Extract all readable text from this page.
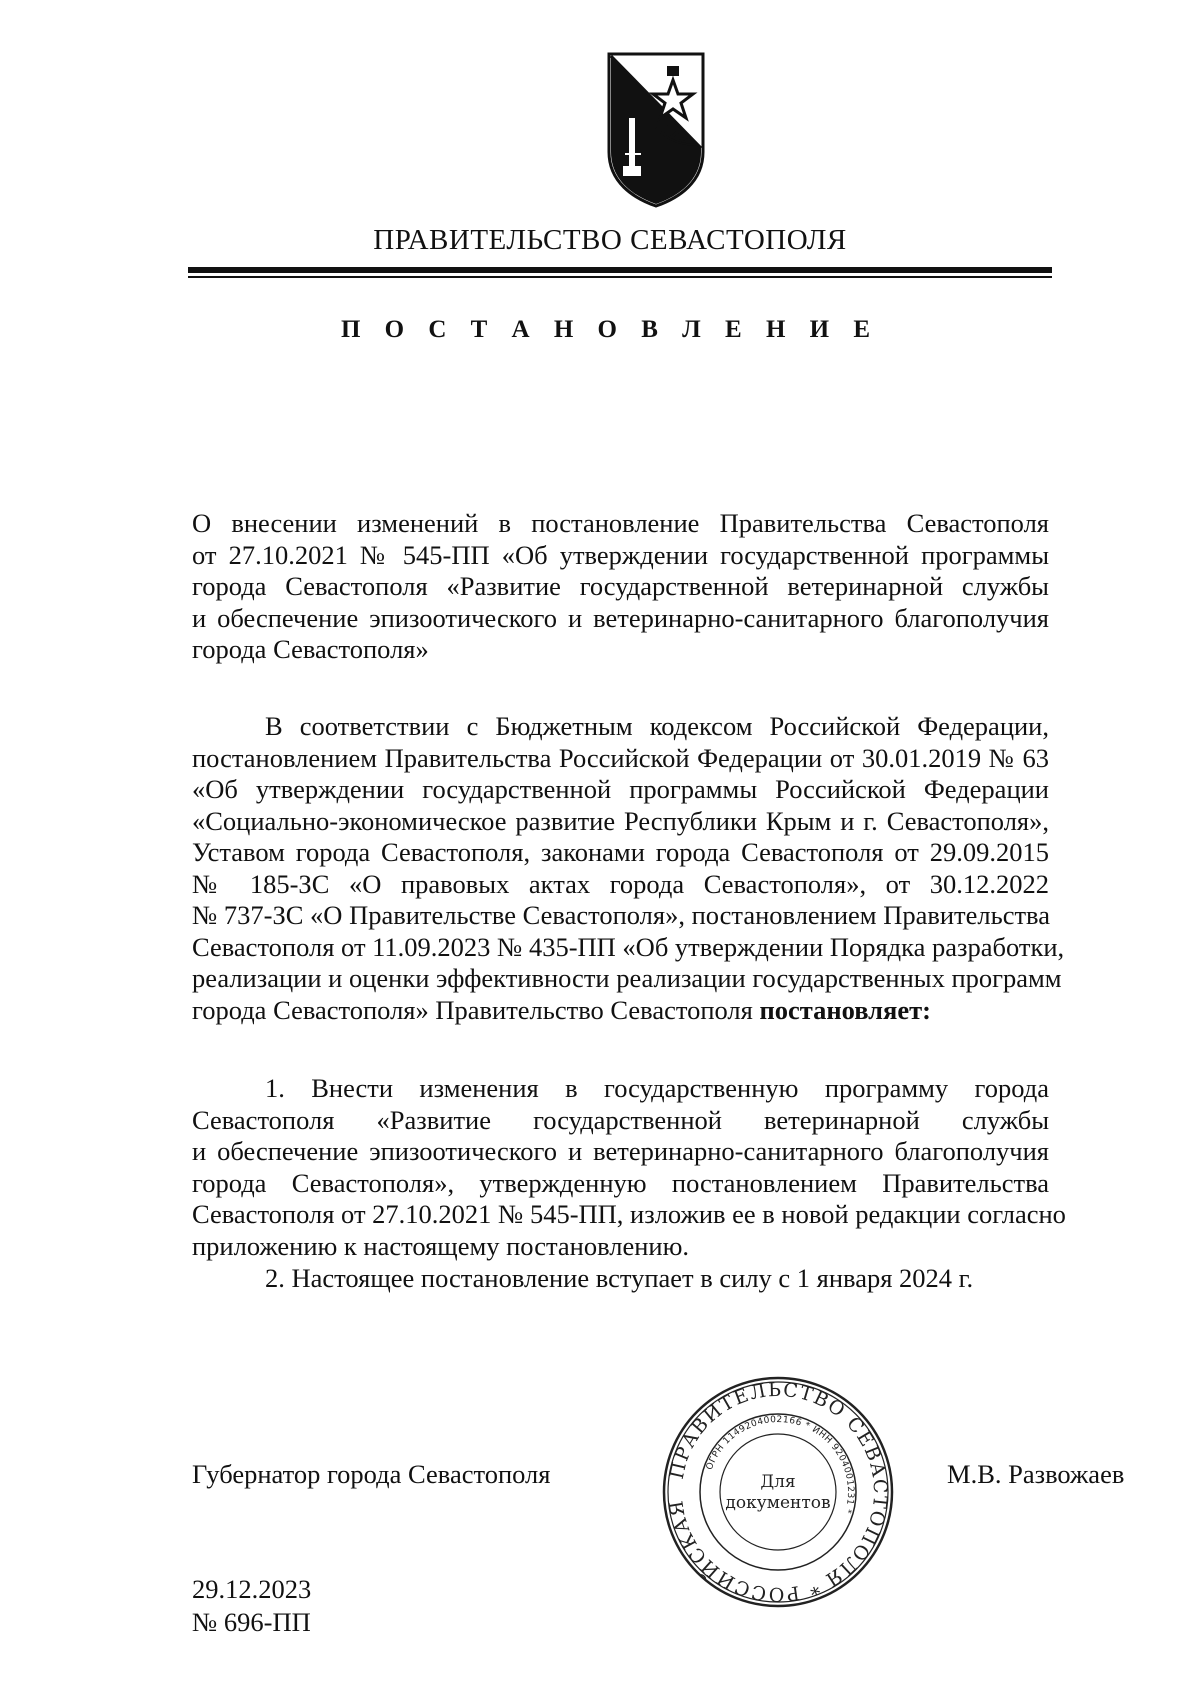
ПРАВИТЕЛЬСТВО СЕВАСТОПОЛЯ
П О С Т А Н О В Л Е Н И Е
О внесении изменений в постановление Правительства Севастополя
от 27.10.2021 № 545-ПП «Об утверждении государственной программы
города Севастополя «Развитие государственной ветеринарной службы
и обеспечение эпизоотического и ветеринарно-санитарного благополучия
города Севастополя»
В соответствии с Бюджетным кодексом Российской Федерации,
постановлением Правительства Российской Федерации от 30.01.2019 № 63
«Об утверждении государственной программы Российской Федерации
«Социально-экономическое развитие Республики Крым и г. Севастополя»,
Уставом города Севастополя, законами города Севастополя от 29.09.2015
№ 185-ЗС «О правовых актах города Севастополя», от 30.12.2022
№ 737-ЗС «О Правительстве Севастополя», постановлением Правительства
Севастополя от 11.09.2023 № 435-ПП «Об утверждении Порядка разработки,
реализации и оценки эффективности реализации государственных программ
города Севастополя» Правительство Севастополя постановляет:
1. Внести изменения в государственную программу города
Севастополя «Развитие государственной ветеринарной службы
и обеспечение эпизоотического и ветеринарно-санитарного благополучия
города Севастополя», утвержденную постановлением Правительства
Севастополя от 27.10.2021 № 545-ПП, изложив ее в новой редакции согласно
приложению к настоящему постановлению.
2. Настоящее постановление вступает в силу с 1 января 2024 г.
Губернатор города Севастополя	М.В. Развожаев
ПРАВИТЕЛЬСТВО СЕВАСТОПОЛЯ * РОССИЙСКАЯ
ОГРН 1149204002166 * ИНН 9204001231 *
Для
документов
29.12.2023
№ 696-ПП
